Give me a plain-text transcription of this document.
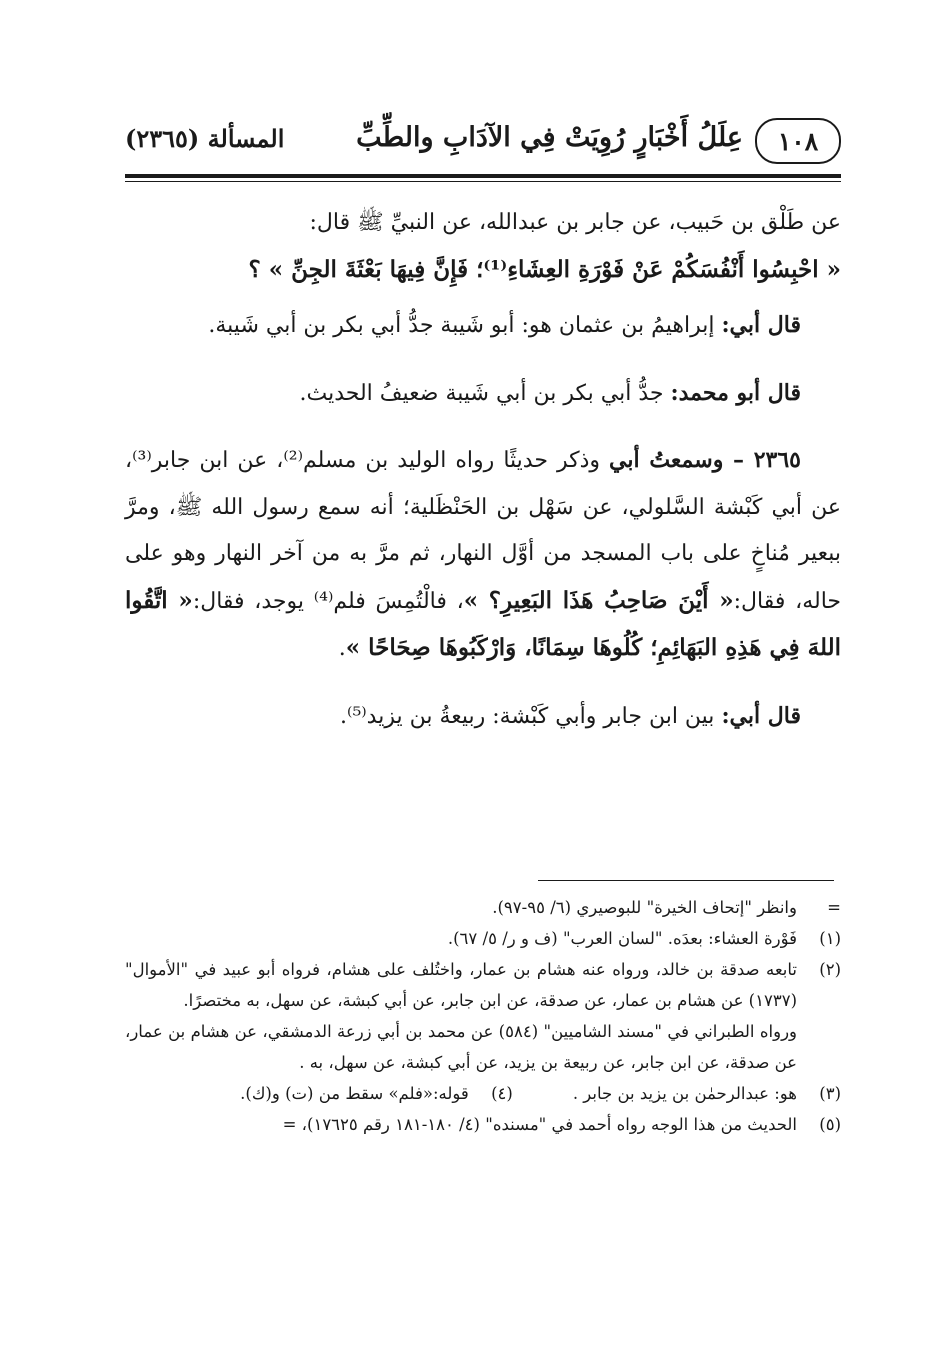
١٠٨
عِلَلُ أَخْبَارٍ رُوِيَتْ فِي الآدَابِ والطِّبِّ
المسألة (٢٣٦٥)

عن طَلْق بن حَبيب، عن جابر بن عبدالله، عن النبيِّ ﷺ قال:
« احْبِسُوا أَنْفُسَكُمْ عَنْ فَوْرَةِ العِشَاءِ⁽¹⁾؛ فَإِنَّ فِيهَا بَعْثَةَ الجِنِّ » ؟

قال أبي: إبراهيمُ بن عثمان هو: أبو شَيبة جدُّ أبي بكر بن أبي شَيبة.

قال أبو محمد: جدُّ أبي بكر بن أبي شَيبة ضعيفُ الحديث.

٢٣٦٥ – وسمعتُ أبي وذكر حديثًا رواه الوليد بن مسلم⁽²⁾، عن ابن جابر⁽³⁾، عن أبي كَبْشة السَّلولي، عن سَهْل بن الحَنْظَلية؛ أنه سمع رسول الله ﷺ، ومرَّ ببعير مُناخٍ على باب المسجد من أوَّل النهار، ثم مرَّ به من آخر النهار وهو على حاله، فقال:« أَيْنَ صَاحِبُ هَذَا البَعِيرِ؟ »، فالْتُمِسَ فلم⁽⁴⁾ يوجد، فقال:« اتَّقُوا اللهَ فِي هَذِهِ البَهَائِمِ؛ كُلُوهَا سِمَانًا، وَارْكَبُوهَا صِحَاحًا ».

قال أبي: بين ابن جابر وأبي كَبْشة: ربيعةُ بن يزيد⁽⁵⁾.

=
وانظر "إتحاف الخيرة" للبوصيري (٦/ ٩٥-٩٧).
(١)
فَوْرة العشاء: بعدَه. "لسان العرب" (ف و ر/ ٥/ ٦٧).
(٢)

تابعه صدقة بن خالد، ورواه عنه هشام بن عمار، واختُلف على هشام، فرواه أبو عبيد في "الأموال" (١٧٣٧) عن هشام بن عمار، عن صدقة، عن ابن جابر، عن أبي كبشة، عن سهل، به مختصرًا.

ورواه الطبراني في "مسند الشاميين" (٥٨٤) عن محمد بن أبي زرعة الدمشقي، عن هشام بن عمار، عن صدقة، عن ابن جابر، عن ربيعة بن يزيد، عن أبي كبشة، عن سهل، به .

(٣)
هو: عبدالرحمٰن بن يزيد بن جابر .
(٤)
قوله:«فلم» سقط من (ت) و(ك).
(٥)
الحديث من هذا الوجه رواه أحمد في "مسنده" (٤/ ١٨٠-١٨١ رقم ١٧٦٢٥)، =
